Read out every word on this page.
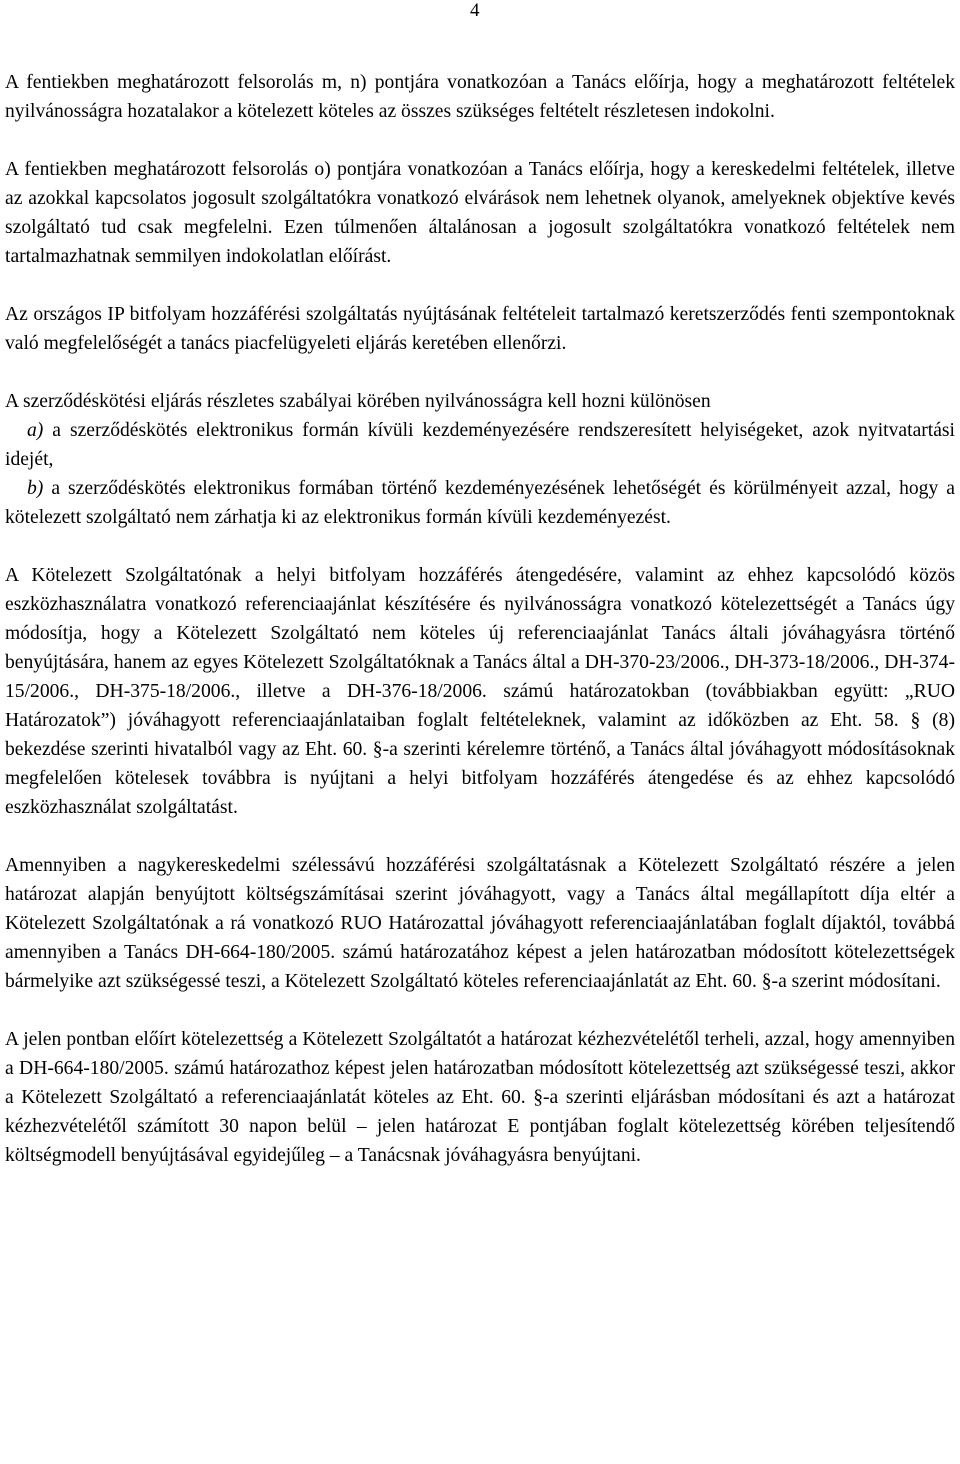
4

A fentiekben meghatározott felsorolás m, n) pontjára vonatkozóan a Tanács előírja, hogy a meghatározott feltételek nyilvánosságra hozatalakor a kötelezett köteles az összes szükséges feltételt részletesen indokolni.

A fentiekben meghatározott felsorolás o) pontjára vonatkozóan a Tanács előírja, hogy a kereskedelmi feltételek, illetve az azokkal kapcsolatos jogosult szolgáltatókra vonatkozó elvárások nem lehetnek olyanok, amelyeknek objektíve kevés szolgáltató tud csak megfelelni. Ezen túlmenően általánosan a jogosult szolgáltatókra vonatkozó feltételek nem tartalmazhatnak semmilyen indokolatlan előírást.

Az országos IP bitfolyam hozzáférési szolgáltatás nyújtásának feltételeit tartalmazó keretszerződés fenti szempontoknak való megfelelőségét a tanács piacfelügyeleti eljárás keretében ellenőrzi.

A szerződéskötési eljárás részletes szabályai körében nyilvánosságra kell hozni különösen

a) a szerződéskötés elektronikus formán kívüli kezdeményezésére rendszeresített helyiségeket, azok nyitvatartási idejét,

b) a szerződéskötés elektronikus formában történő kezdeményezésének lehetőségét és körülményeit azzal, hogy a kötelezett szolgáltató nem zárhatja ki az elektronikus formán kívüli kezdeményezést.

A Kötelezett Szolgáltatónak a helyi bitfolyam hozzáférés átengedésére, valamint az ehhez kapcsolódó közös eszközhasználatra vonatkozó referenciaajánlat készítésére és nyilvánosságra vonatkozó kötelezettségét a Tanács úgy módosítja, hogy a Kötelezett Szolgáltató nem köteles új referenciaajánlat Tanács általi jóváhagyásra történő benyújtására, hanem az egyes Kötelezett Szolgáltatóknak a Tanács által a DH-370-23/2006., DH-373-18/2006., DH-374-15/2006., DH-375-18/2006., illetve a DH-376-18/2006. számú határozatokban (továbbiakban együtt: „RUO Határozatok”) jóváhagyott referenciaajánlataiban foglalt feltételeknek, valamint az időközben az Eht. 58. § (8) bekezdése szerinti hivatalból vagy az Eht. 60. §-a szerinti kérelemre történő, a Tanács által jóváhagyott módosításoknak megfelelően kötelesek továbbra is nyújtani a helyi bitfolyam hozzáférés átengedése és az ehhez kapcsolódó eszközhasználat szolgáltatást.

Amennyiben a nagykereskedelmi szélessávú hozzáférési szolgáltatásnak a Kötelezett Szolgáltató részére a jelen határozat alapján benyújtott költségszámításai szerint jóváhagyott, vagy a Tanács által megállapított díja eltér a Kötelezett Szolgáltatónak a rá vonatkozó RUO Határozattal jóváhagyott referenciaajánlatában foglalt díjaktól, továbbá amennyiben a Tanács DH-664-180/2005. számú határozatához képest a jelen határozatban módosított kötelezettségek bármelyike azt szükségessé teszi, a Kötelezett Szolgáltató köteles referenciaajánlatát az Eht. 60. §-a szerint módosítani.

A jelen pontban előírt kötelezettség a Kötelezett Szolgáltatót a határozat kézhezvételétől terheli, azzal, hogy amennyiben a DH-664-180/2005. számú határozathoz képest jelen határozatban módosított kötelezettség azt szükségessé teszi, akkor a Kötelezett Szolgáltató a referenciaajánlatát köteles az Eht. 60. §-a szerinti eljárásban módosítani és azt a határozat kézhezvételétől számított 30 napon belül – jelen határozat E pontjában foglalt kötelezettség körében teljesítendő költségmodell benyújtásával egyidejűleg – a Tanácsnak jóváhagyásra benyújtani.
